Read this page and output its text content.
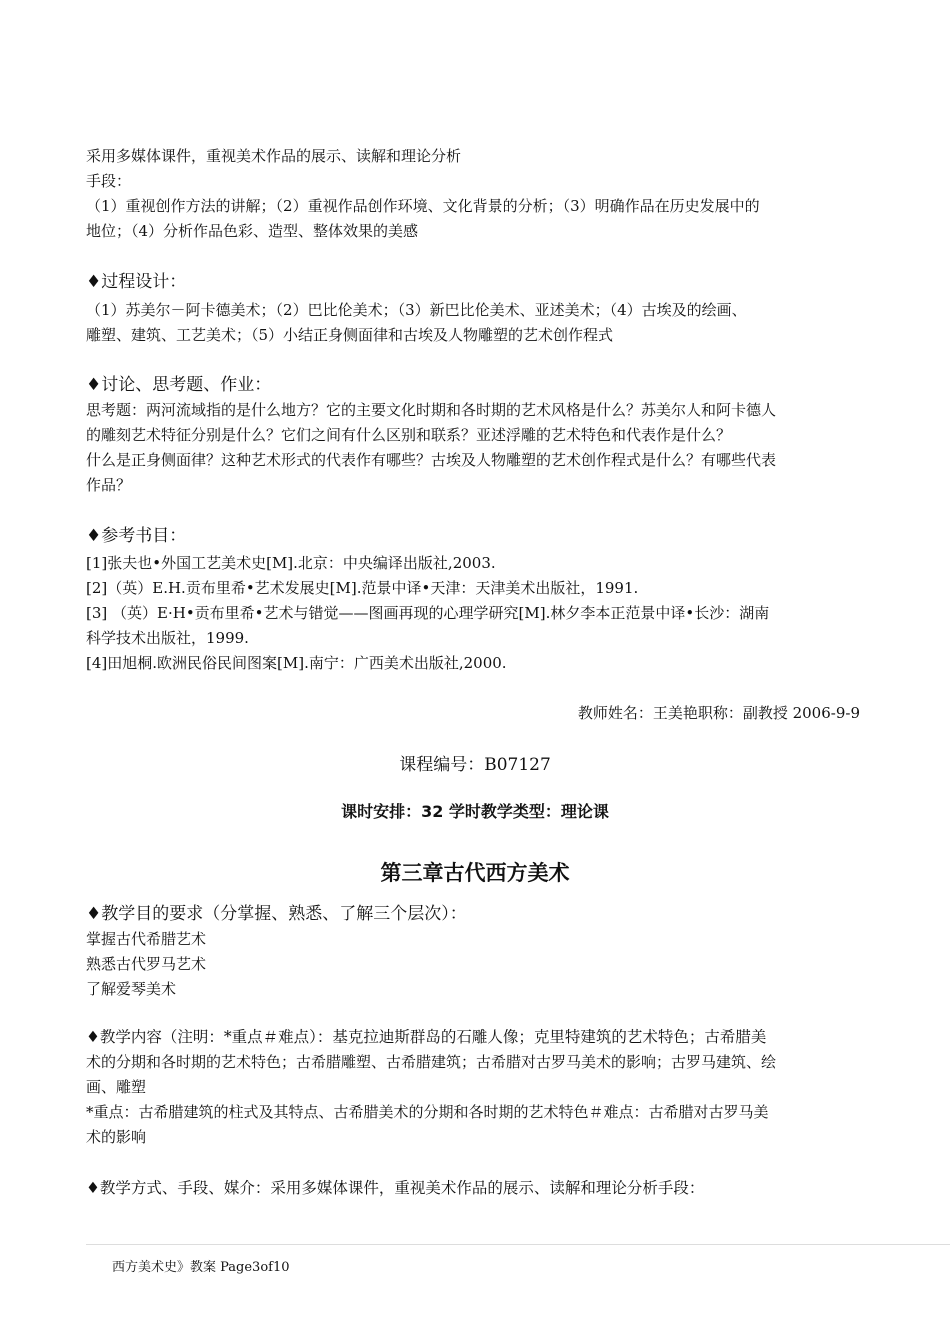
采用多媒体课件，重视美术作品的展示、读解和理论分析
手段：
（1）重视创作方法的讲解；（2）重视作品创作环境、文化背景的分析；（3）明确作品在历史发展中的
地位；（4）分析作品色彩、造型、整体效果的美感
♦过程设计：
（1）苏美尔－阿卡德美术；（2）巴比伦美术；（3）新巴比伦美术、亚述美术；（4）古埃及的绘画、
雕塑、建筑、工艺美术；（5）小结正身侧面律和古埃及人物雕塑的艺术创作程式
♦讨论、思考题、作业：
思考题：两河流域指的是什么地方？它的主要文化时期和各时期的艺术风格是什么？苏美尔人和阿卡德人
的雕刻艺术特征分别是什么？它们之间有什么区别和联系？亚述浮雕的艺术特色和代表作是什么？
什么是正身侧面律？这种艺术形式的代表作有哪些？古埃及人物雕塑的艺术创作程式是什么？有哪些代表
作品？
♦参考书目：
[1]张夫也•外国工艺美术史[M].北京：中央编译出版社,2003.
[2]（英）E.H.贡布里希•艺术发展史[M].范景中译•天津：天津美术出版社，1991.
[3] （英）E·H•贡布里希•艺术与错觉——图画再现的心理学研究[M].林夕李本正范景中译•长沙：湖南
科学技术出版社，1999.
[4]田旭桐.欧洲民俗民间图案[M].南宁：广西美术出版社,2000.
教师姓名：王美艳职称：副教授 2006-9-9
课程编号：B07127
课时安排：32 学时教学类型：理论课
第三章古代西方美术
♦教学目的要求（分掌握、熟悉、了解三个层次）：
掌握古代希腊艺术
熟悉古代罗马艺术
了解爱琴美术
♦教学内容（注明：*重点＃难点）：基克拉迪斯群岛的石雕人像；克里特建筑的艺术特色；古希腊美
术的分期和各时期的艺术特色；古希腊雕塑、古希腊建筑；古希腊对古罗马美术的影响；古罗马建筑、绘
画、雕塑
*重点：古希腊建筑的柱式及其特点、古希腊美术的分期和各时期的艺术特色＃难点：古希腊对古罗马美
术的影响
♦教学方式、手段、媒介：采用多媒体课件，重视美术作品的展示、读解和理论分析手段：
西方美术史》教案 Page3of10
